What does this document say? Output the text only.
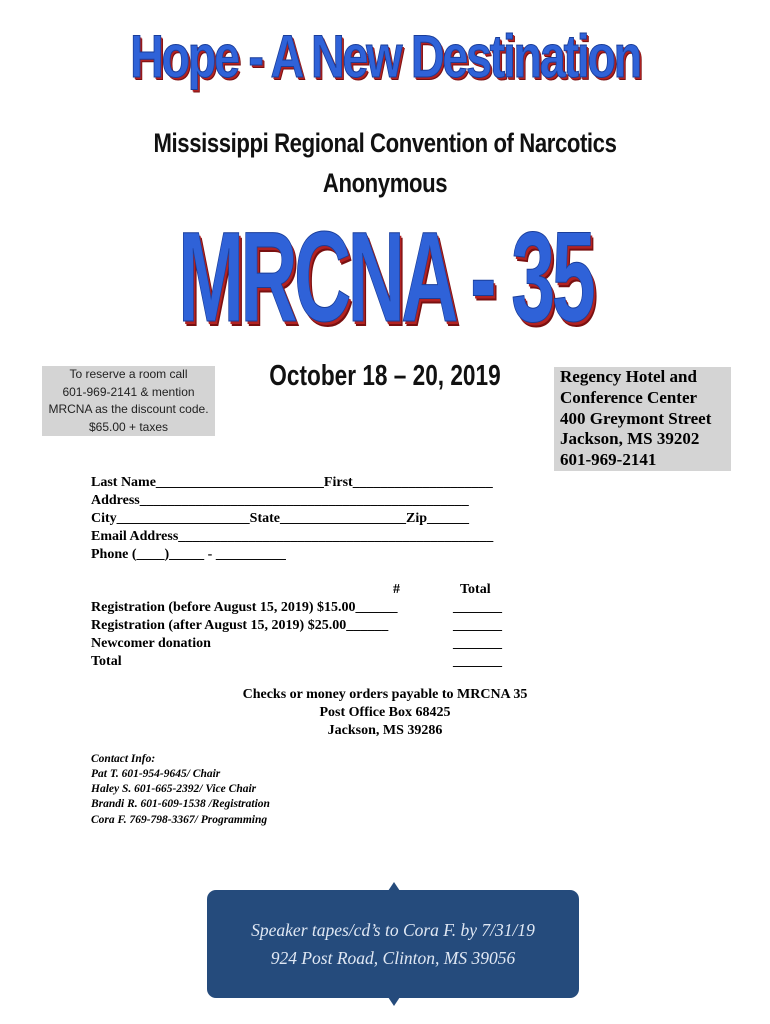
Hope - A New Destination
Mississippi Regional Convention of Narcotics
Anonymous
MRCNA - 35
To reserve a room call
601-969-2141 & mention
MRCNA as the discount code.
$65.00 + taxes
October 18 – 20, 2019	Regency Hotel and
Conference Center
400 Greymont Street
Jackson, MS 39202
601-969-2141
Last Name________________________First____________________
Address_______________________________________________
City___________________State__________________Zip______
Email Address_____________________________________________
Phone (____)_____ - __________
#	Total
Registration (before August 15, 2019) $15.00______	_______
Registration (after August 15, 2019) $25.00______	_______
Newcomer donation	_______
Total	_______
Checks or money orders payable to MRCNA 35
Post Office Box 68425
Jackson, MS 39286
Contact Info:
Pat T. 601-954-9645/ Chair
Haley S. 601-665-2392/ Vice Chair
Brandi R. 601-609-1538 /Registration
Cora F. 769-798-3367/ Programming
Speaker tapes/cd’s to Cora F. by 7/31/19
924 Post Road, Clinton, MS 39056
